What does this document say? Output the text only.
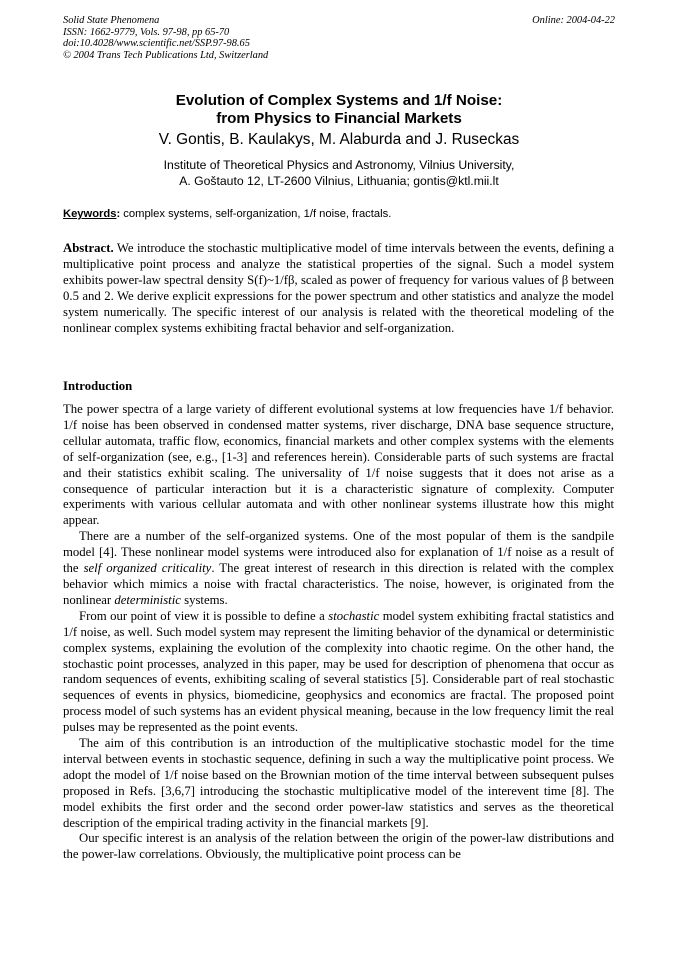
Solid State Phenomena	Online: 2004-04-22
ISSN: 1662-9779, Vols. 97-98, pp 65-70
doi:10.4028/www.scientific.net/SSP.97-98.65
© 2004 Trans Tech Publications Ltd, Switzerland
Evolution of Complex Systems and 1/f Noise:
from Physics to Financial Markets
V. Gontis, B. Kaulakys, M. Alaburda and J. Ruseckas
Institute of Theoretical Physics and Astronomy, Vilnius University,
A. Goštauto 12, LT-2600 Vilnius, Lithuania; gontis@ktl.mii.lt
Keywords: complex systems, self-organization, 1/f noise, fractals.
Abstract. We introduce the stochastic multiplicative model of time intervals between the events, defining a multiplicative point process and analyze the statistical properties of the signal. Such a model system exhibits power-law spectral density S(f)~1/fβ, scaled as power of frequency for various values of β between 0.5 and 2. We derive explicit expressions for the power spectrum and other statistics and analyze the model system numerically. The specific interest of our analysis is related with the theoretical modeling of the nonlinear complex systems exhibiting fractal behavior and self-organization.
Introduction

The power spectra of a large variety of different evolutional systems at low frequencies have 1/f behavior. 1/f noise has been observed in condensed matter systems, river discharge, DNA base sequence structure, cellular automata, traffic flow, economics, financial markets and other complex systems with the elements of self-organization (see, e.g., [1-3] and references herein). Considerable parts of such systems are fractal and their statistics exhibit scaling. The universality of 1/f noise suggests that it does not arise as a consequence of particular interaction but it is a characteristic signature of complexity. Computer experiments with various cellular automata and with other nonlinear systems illustrate how this might appear.

There are a number of the self-organized systems. One of the most popular of them is the sandpile model [4]. These nonlinear model systems were introduced also for explanation of 1/f noise as a result of the self organized criticality. The great interest of research in this direction is related with the complex behavior which mimics a noise with fractal characteristics. The noise, however, is originated from the nonlinear deterministic systems.

From our point of view it is possible to define a stochastic model system exhibiting fractal statistics and 1/f noise, as well. Such model system may represent the limiting behavior of the dynamical or deterministic complex systems, explaining the evolution of the complexity into chaotic regime. On the other hand, the stochastic point processes, analyzed in this paper, may be used for description of phenomena that occur as random sequences of events, exhibiting scaling of several statistics [5]. Considerable part of real stochastic sequences of events in physics, biomedicine, geophysics and economics are fractal. The proposed point process model of such systems has an evident physical meaning, because in the low frequency limit the real pulses may be represented as the point events.

The aim of this contribution is an introduction of the multiplicative stochastic model for the time interval between events in stochastic sequence, defining in such a way the multiplicative point process. We adopt the model of 1/f noise based on the Brownian motion of the time interval between subsequent pulses proposed in Refs. [3,6,7] introducing the stochastic multiplicative model of the interevent time [8]. The model exhibits the first order and the second order power-law statistics and serves as the theoretical description of the empirical trading activity in the financial markets [9].

Our specific interest is an analysis of the relation between the origin of the power-law distributions and the power-law correlations. Obviously, the multiplicative point process can be
